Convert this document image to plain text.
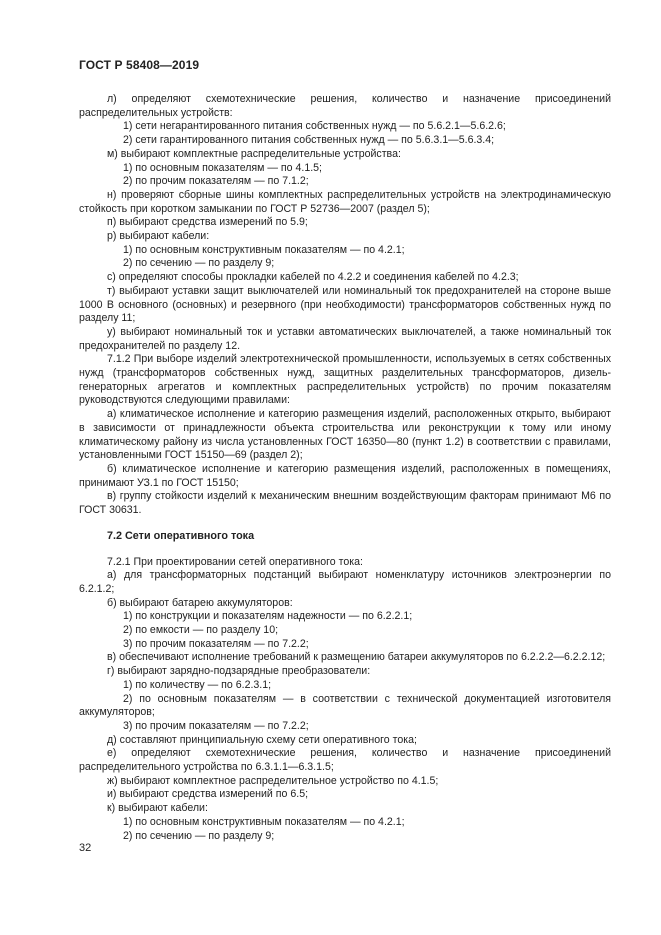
ГОСТ Р 58408—2019

л) определяют схемотехнические решения, количество и назначение присоединений распределительных устройств:

1) сети негарантированного питания собственных нужд — по 5.6.2.1—5.6.2.6;

2) сети гарантированного питания собственных нужд — по 5.6.3.1—5.6.3.4;

м) выбирают комплектные распределительные устройства:

1) по основным показателям — по 4.1.5;

2) по прочим показателям — по 7.1.2;

н) проверяют сборные шины комплектных распределительных устройств на электродинамическую стойкость при коротком замыкании по ГОСТ Р 52736—2007 (раздел 5);

п) выбирают средства измерений по 5.9;

р) выбирают кабели:

1) по основным конструктивным показателям — по 4.2.1;

2) по сечению — по разделу 9;

с) определяют способы прокладки кабелей по 4.2.2 и соединения кабелей по 4.2.3;

т) выбирают уставки защит выключателей или номинальный ток предохранителей на стороне выше 1000 В основного (основных) и резервного (при необходимости) трансформаторов собственных нужд по разделу 11;

у) выбирают номинальный ток и уставки автоматических выключателей, а также номинальный ток предохранителей по разделу 12.

7.1.2 При выборе изделий электротехнической промышленности, используемых в сетях собственных нужд (трансформаторов собственных нужд, защитных разделительных трансформаторов, дизель-генераторных агрегатов и комплектных распределительных устройств) по прочим показателям руководствуются следующими правилами:

а) климатическое исполнение и категорию размещения изделий, расположенных открыто, выбирают в зависимости от принадлежности объекта строительства или реконструкции к тому или иному климатическому району из числа установленных ГОСТ 16350—80 (пункт 1.2) в соответствии с правилами, установленными ГОСТ 15150—69 (раздел 2);

б) климатическое исполнение и категорию размещения изделий, расположенных в помещениях, принимают УЗ.1 по ГОСТ 15150;

в) группу стойкости изделий к механическим внешним воздействующим факторам принимают М6 по ГОСТ 30631.

7.2 Сети оперативного тока

7.2.1 При проектировании сетей оперативного тока:

а) для трансформаторных подстанций выбирают номенклатуру источников электроэнергии по 6.2.1.2;

б) выбирают батарею аккумуляторов:

1) по конструкции и показателям надежности — по 6.2.2.1;

2) по емкости — по разделу 10;

3) по прочим показателям — по 7.2.2;

в) обеспечивают исполнение требований к размещению батареи аккумуляторов по 6.2.2.2—6.2.2.12;

г) выбирают зарядно-подзарядные преобразователи:

1) по количеству — по 6.2.3.1;

2) по основным показателям — в соответствии с технической документацией изготовителя аккумуляторов;

3) по прочим показателям — по 7.2.2;

д) составляют принципиальную схему сети оперативного тока;

е) определяют схемотехнические решения, количество и назначение присоединений распределительного устройства по 6.3.1.1—6.3.1.5;

ж) выбирают комплектное распределительное устройство по 4.1.5;

и) выбирают средства измерений по 6.5;

к) выбирают кабели:

1) по основным конструктивным показателям — по 4.2.1;

2) по сечению — по разделу 9;

32
